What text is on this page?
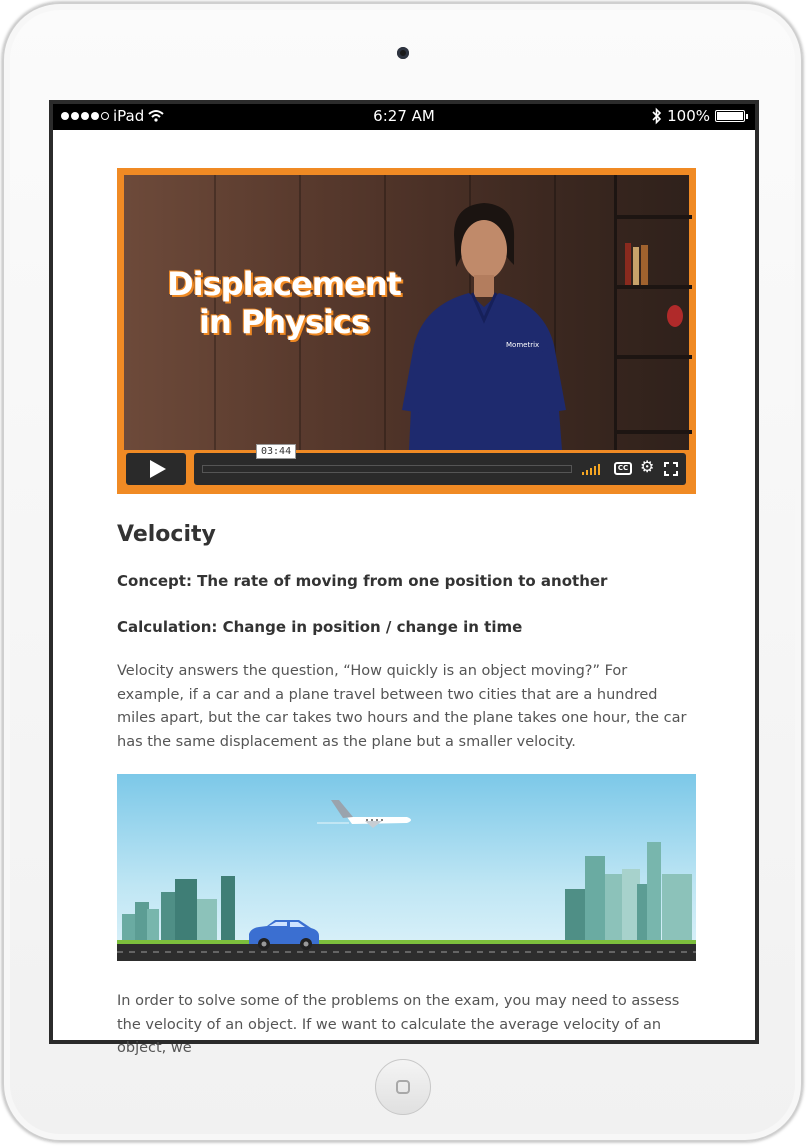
iPad	6:27 AM	100%
Displacement
in Physics
Mometrix
03:44
CC ⚙
Velocity
Concept: The rate of moving from one position to another
Calculation: Change in position / change in time
Velocity answers the question, “How quickly is an object moving?” For example, if a car and a plane travel between two cities that are a hundred miles apart, but the car takes two hours and the plane takes one hour, the car has the same displacement as the plane but a smaller velocity.
In order to solve some of the problems on the exam, you may need to assess the velocity of an object. If we want to calculate the average velocity of an object, we
